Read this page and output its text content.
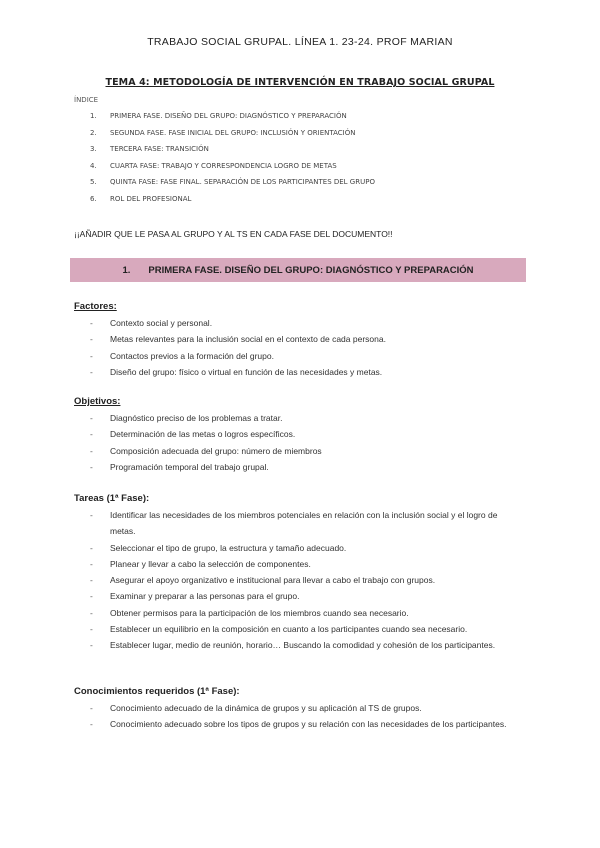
TRABAJO SOCIAL GRUPAL. LÍNEA 1. 23-24. PROF MARIAN
TEMA 4: METODOLOGÍA DE INTERVENCIÓN EN TRABAJO SOCIAL GRUPAL
ÍNDICE
1.	PRIMERA FASE. DISEÑO DEL GRUPO: DIAGNÓSTICO Y PREPARACIÓN
2.	SEGUNDA FASE. FASE INICIAL DEL GRUPO: INCLUSIÓN Y ORIENTACIÓN
3.	TERCERA FASE: TRANSICIÓN
4.	CUARTA FASE: TRABAJO Y CORRESPONDENCIA LOGRO DE METAS
5.	QUINTA FASE: FASE FINAL. SEPARACIÓN DE LOS PARTICIPANTES DEL GRUPO
6.	ROL DEL PROFESIONAL
¡¡AÑADIR QUE LE PASA AL GRUPO Y AL TS EN CADA FASE DEL DOCUMENTO!!
1. PRIMERA FASE. DISEÑO DEL GRUPO: DIAGNÓSTICO Y PREPARACIÓN
Factores:
- Contexto social y personal.
- Metas relevantes para la inclusión social en el contexto de cada persona.
- Contactos previos a la formación del grupo.
- Diseño del grupo: físico o virtual en función de las necesidades y metas.
Objetivos:
- Diagnóstico preciso de los problemas a tratar.
- Determinación de las metas o logros específicos.
- Composición adecuada del grupo: número de miembros
- Programación temporal del trabajo grupal.
Tareas (1ª Fase):
- Identificar las necesidades de los miembros potenciales en relación con la inclusión social y el logro de metas.
- Seleccionar el tipo de grupo, la estructura y tamaño adecuado.
- Planear y llevar a cabo la selección de componentes.
- Asegurar el apoyo organizativo e institucional para llevar a cabo el trabajo con grupos.
- Examinar y preparar a las personas para el grupo.
- Obtener permisos para la participación de los miembros cuando sea necesario.
- Establecer un equilibrio en la composición en cuanto a los participantes cuando sea necesario.
- Establecer lugar, medio de reunión, horario… Buscando la comodidad y cohesión de los participantes.
Conocimientos requeridos (1ª Fase):
- Conocimiento adecuado de la dinámica de grupos y su aplicación al TS de grupos.
- Conocimiento adecuado sobre los tipos de grupos y su relación con las necesidades de los participantes.
